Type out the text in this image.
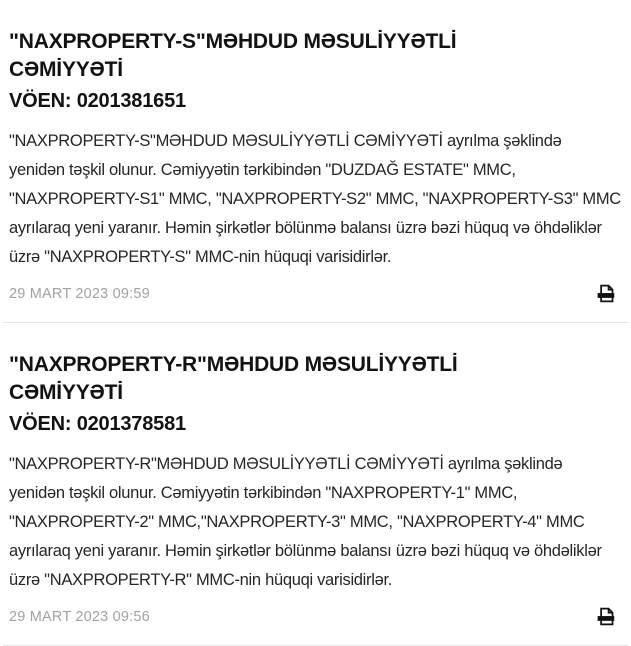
"NAXPROPERTY-S"MƏHDUD MƏSULİYYƏTLİ CƏMİYYƏTİ
VÖEN: 0201381651

"NAXPROPERTY-S"MƏHDUD MƏSULİYYƏTLİ CƏMİYYƏTİ ayrılma şəklində yenidən təşkil olunur. Cəmiyyətin tərkibindən "DUZDAĞ ESTATE" MMC, "NAXPROPERTY-S1" MMC, "NAXPROPERTY-S2" MMC, "NAXPROPERTY-S3" MMC ayrılaraq yeni yaranır. Həmin şirkətlər bölünmə balansı üzrə bəzi hüquq və öhdəliklər üzrə "NAXPROPERTY-S" MMC-nin hüquqi varisidirlər.

29 MART 2023 09:59
"NAXPROPERTY-R"MƏHDUD MƏSULİYYƏTLİ CƏMİYYƏTİ
VÖEN: 0201378581

"NAXPROPERTY-R"MƏHDUD MƏSULİYYƏTLİ CƏMİYYƏTİ ayrılma şəklində yenidən təşkil olunur. Cəmiyyətin tərkibindən "NAXPROPERTY-1" MMC, "NAXPROPERTY-2" MMC,"NAXPROPERTY-3" MMC, "NAXPROPERTY-4" MMC ayrılaraq yeni yaranır. Həmin şirkətlər bölünmə balansı üzrə bəzi hüquq və öhdəliklər üzrə "NAXPROPERTY-R" MMC-nin hüquqi varisidirlər.

29 MART 2023 09:56
